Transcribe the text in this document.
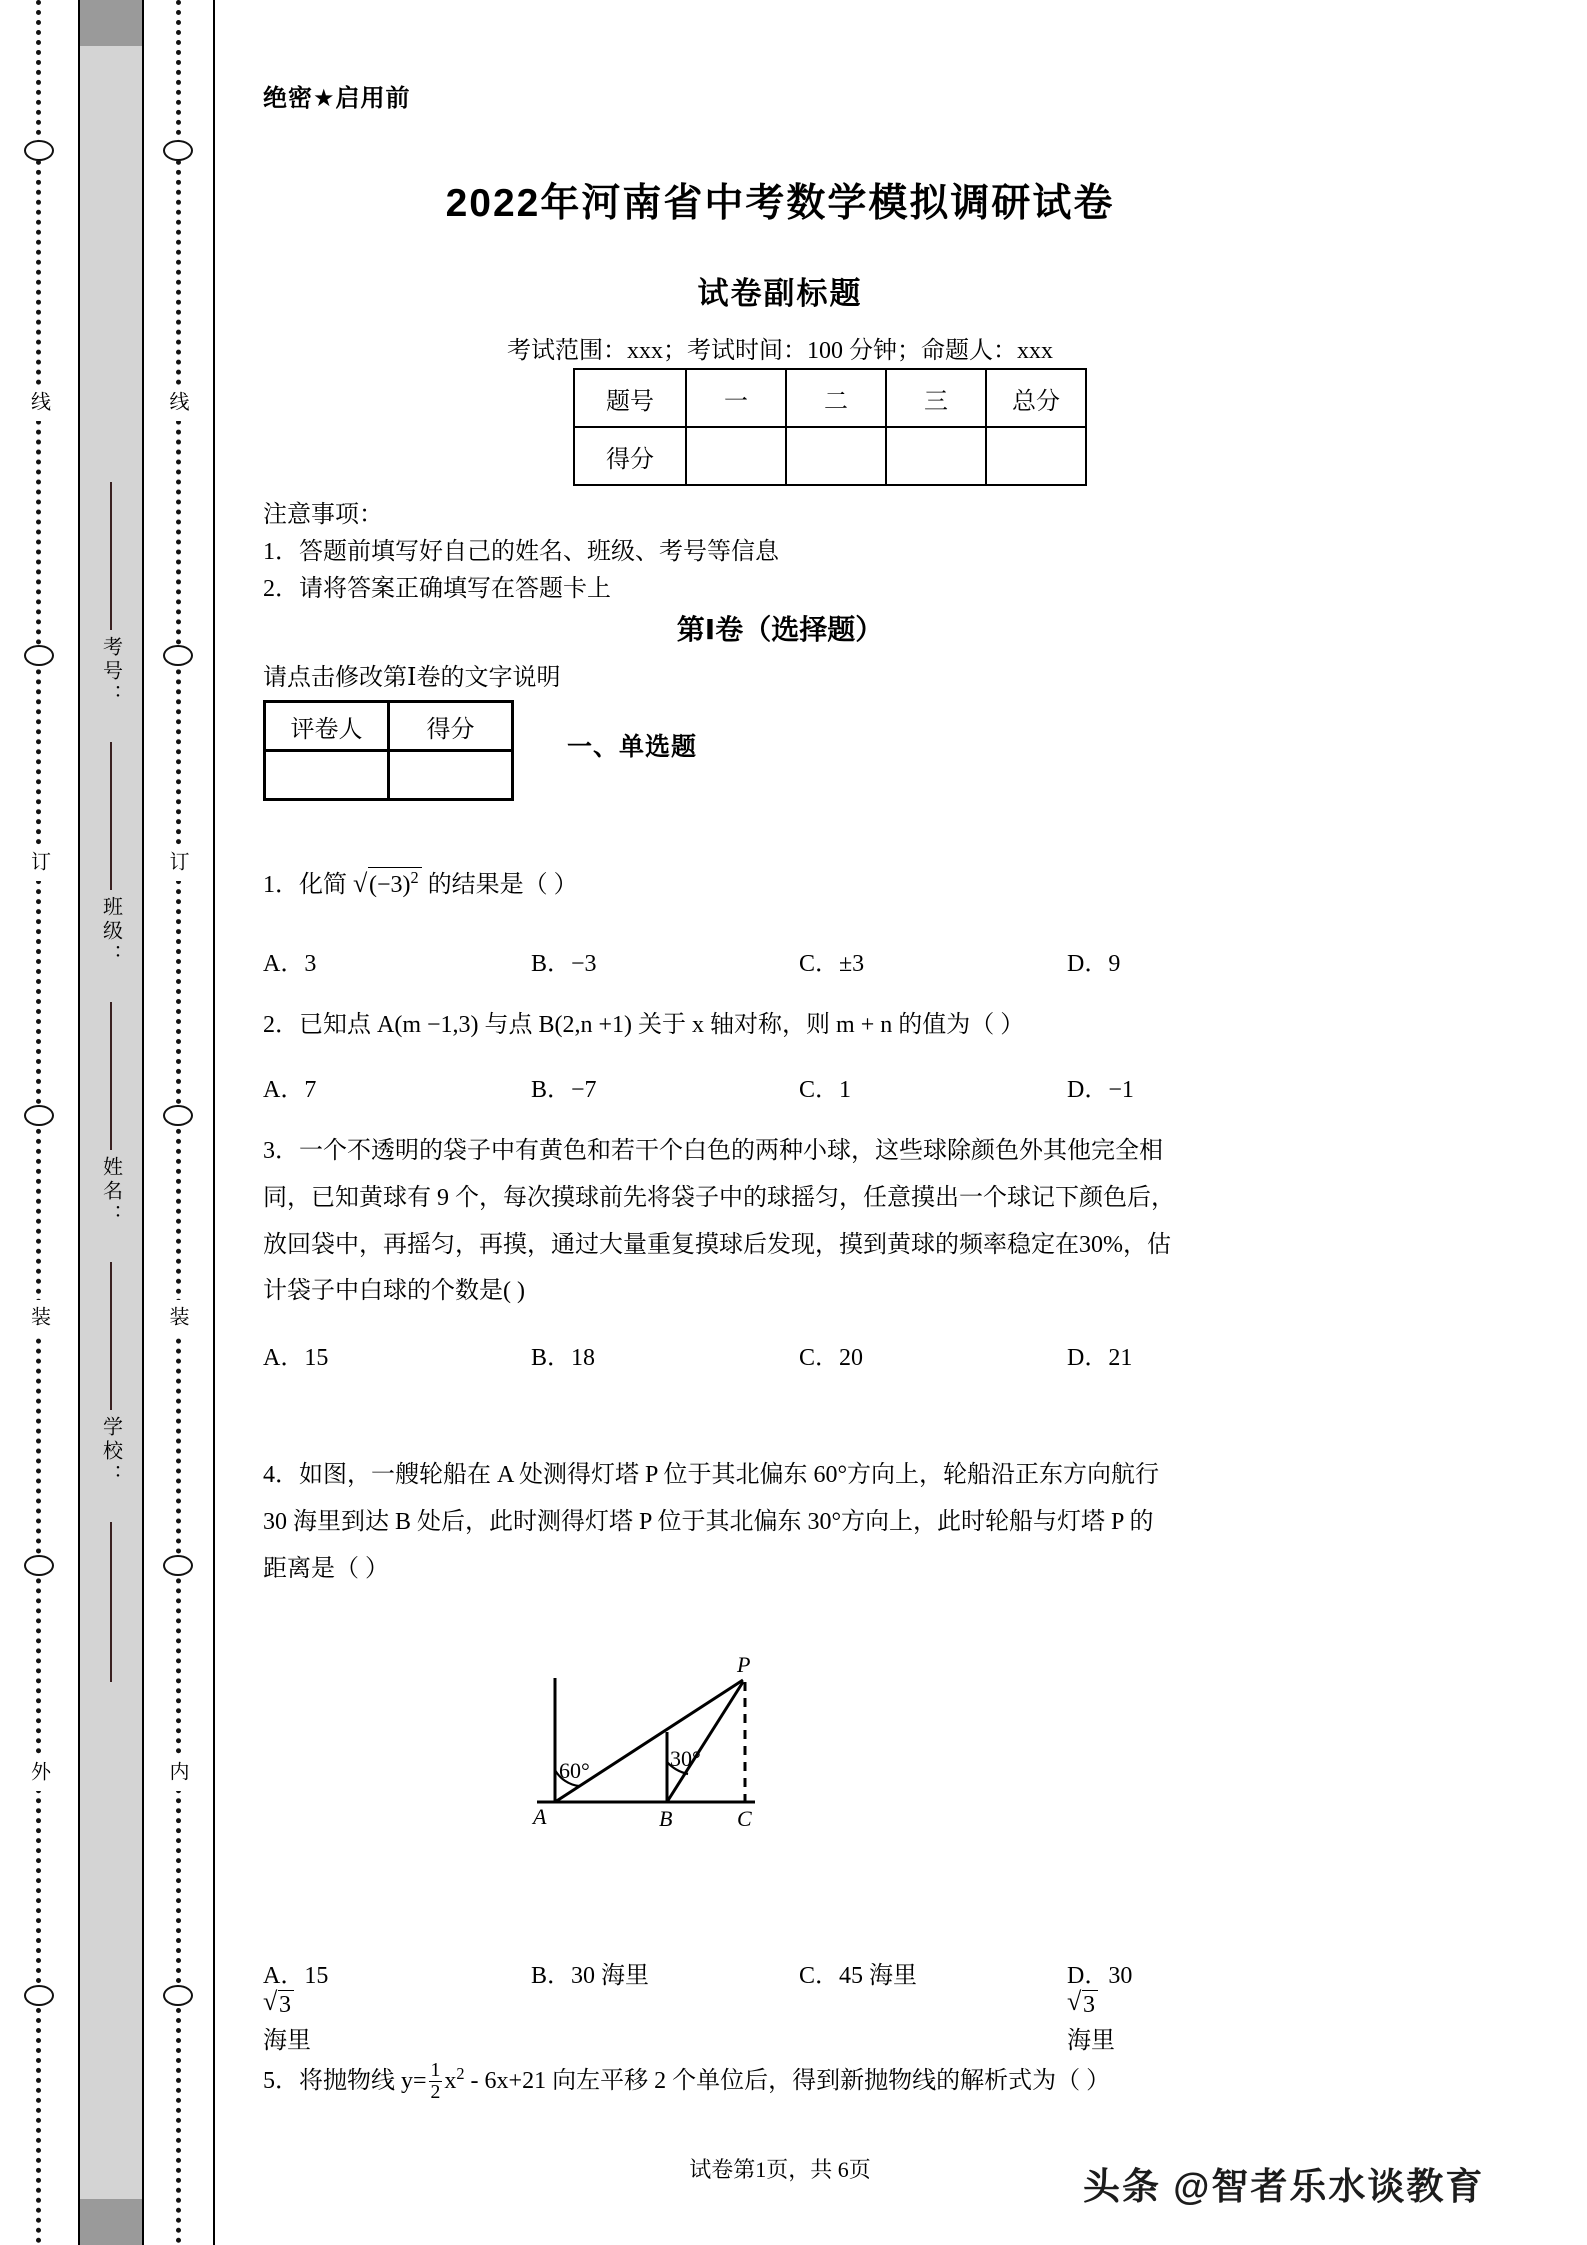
线
订
装
外
考号：
班级：
姓名：
学校：
线
订
装
内
绝密★启用前
2022年河南省中考数学模拟调研试卷
试卷副标题
考试范围：xxx；考试时间：100 分钟；命题人：xxx
题号	一	二	三	总分
得分				
注意事项：
1．答题前填写好自己的姓名、班级、考号等信息
2．请将答案正确填写在答题卡上
第Ⅰ卷（选择题）
请点击修改第Ⅰ卷的文字说明
评卷人	得分

一、单选题
1．化简 √ $(-3)^2$ 的结果是（ ）
A．3	B．−3	C．±3	D．9
2．已知点 A(m −1,3) 与点 B(2,n +1) 关于 x 轴对称，则 m + n 的值为（ ）
A．7	B．−7	C．1	D．−1
3．一个不透明的袋子中有黄色和若干个白色的两种小球，这些球除颜色外其他完全相
同，已知黄球有 9 个，每次摸球前先将袋子中的球摇匀，任意摸出一个球记下颜色后，
放回袋中，再摇匀，再摸，通过大量重复摸球后发现，摸到黄球的频率稳定在30%，估
计袋子中白球的个数是( )
A．15	B．18	C．20	D．21
4．如图，一艘轮船在 A 处测得灯塔 P 位于其北偏东 60°方向上，轮船沿正东方向航行
30 海里到达 B 处后，此时测得灯塔 P 位于其北偏东 30°方向上，此时轮船与灯塔 P 的
距离是（ ）
60°	30°
P
A	B	C
A．15
√ 3
海里
B．30 海里	C．45 海里	D．30
√ 3
海里
5．将抛物线 $y= \frac{1}{2} x^2 - 6x+21$ 向左平移 2 个单位后，得到新抛物线的解析式为（ ）
试卷第1页，共 6页	头条 @智者乐水谈教育
